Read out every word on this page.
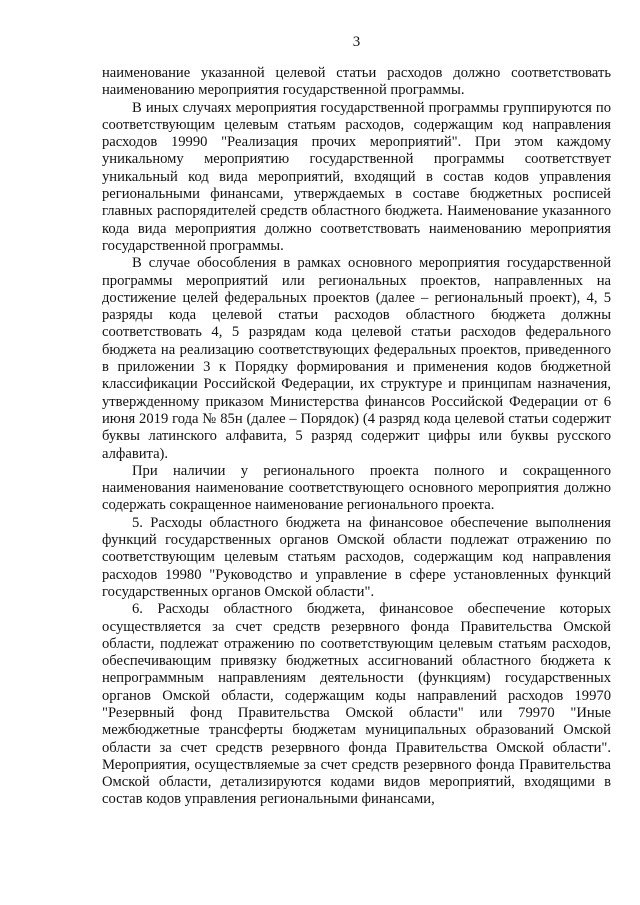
3

наименование указанной целевой статьи расходов должно соответствовать наименованию мероприятия государственной программы.

В иных случаях мероприятия государственной программы группируются по соответствующим целевым статьям расходов, содержащим код направления расходов 19990 "Реализация прочих мероприятий". При этом каждому уникальному мероприятию государственной программы соответствует уникальный код вида мероприятий, входящий в состав кодов управления региональными финансами, утверждаемых в составе бюджетных росписей главных распорядителей средств областного бюджета. Наименование указанного кода вида мероприятия должно соответствовать наименованию мероприятия государственной программы.

В случае обособления в рамках основного мероприятия государственной программы мероприятий или региональных проектов, направленных на достижение целей федеральных проектов (далее – региональный проект), 4, 5 разряды кода целевой статьи расходов областного бюджета должны соответствовать 4, 5 разрядам кода целевой статьи расходов федерального бюджета на реализацию соответствующих федеральных проектов, приведенного в приложении 3 к Порядку формирования и применения кодов бюджетной классификации Российской Федерации, их структуре и принципам назначения, утвержденному приказом Министерства финансов Российской Федерации от 6 июня 2019 года № 85н (далее – Порядок) (4 разряд кода целевой статьи содержит буквы латинского алфавита, 5 разряд содержит цифры или буквы русского алфавита).

При наличии у регионального проекта полного и сокращенного наименования наименование соответствующего основного мероприятия должно содержать сокращенное наименование регионального проекта.

5. Расходы областного бюджета на финансовое обеспечение выполнения функций государственных органов Омской области подлежат отражению по соответствующим целевым статьям расходов, содержащим код направления расходов 19980 "Руководство и управление в сфере установленных функций государственных органов Омской области".

6. Расходы областного бюджета, финансовое обеспечение которых осуществляется за счет средств резервного фонда Правительства Омской области, подлежат отражению по соответствующим целевым статьям расходов, обеспечивающим привязку бюджетных ассигнований областного бюджета к непрограммным направлениям деятельности (функциям) государственных органов Омской области, содержащим коды направлений расходов 19970 "Резервный фонд Правительства Омской области" или 79970 "Иные межбюджетные трансферты бюджетам муниципальных образований Омской области за счет средств резервного фонда Правительства Омской области". Мероприятия, осуществляемые за счет средств резервного фонда Правительства Омской области, детализируются кодами видов мероприятий, входящими в состав кодов управления региональными финансами,
